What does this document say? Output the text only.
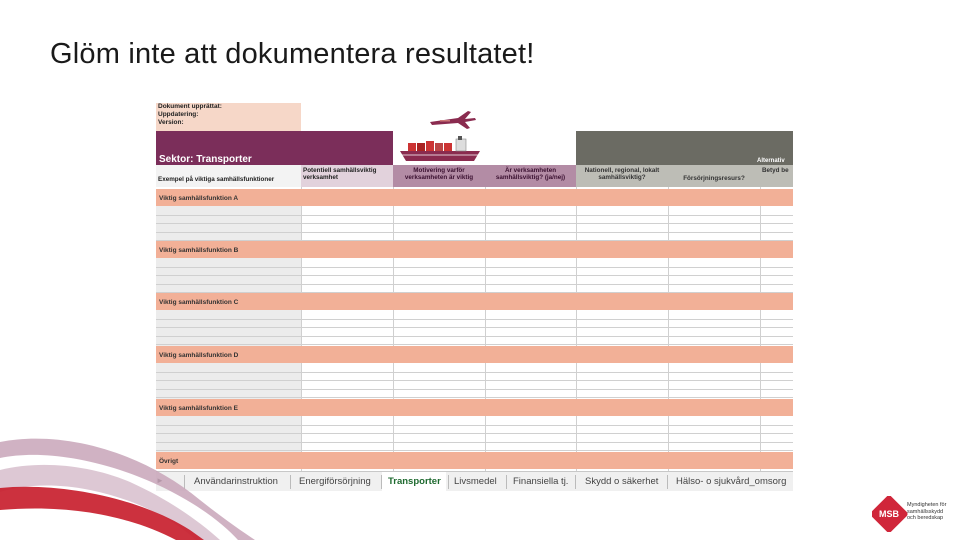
Glöm inte att dokumentera resultatet!
Dokument upprättat:
Uppdatering:
Version:
Sektor: Transporter	Alternativ
Exempel på viktiga samhällsfunktioner
Potentiell samhällsviktig verksamhet
Motivering varför verksamheten är viktig
Är verksamheten samhällsviktig? (ja/nej)
Nationell, regional, lokalt samhällsviktig?	Försörjningsresurs?
Betyd be
Viktig samhällsfunktion A
Viktig samhällsfunktion B
Viktig samhällsfunktion C
Viktig samhällsfunktion D
Viktig samhällsfunktion E
Övrigt
Användarinstruktion Energiförsörjning Transporter Livsmedel Finansiella tj. Skydd o säkerhet Hälso- o sjukvård_omsorg
MSB
Myndigheten för
samhällsskydd
och beredskap
